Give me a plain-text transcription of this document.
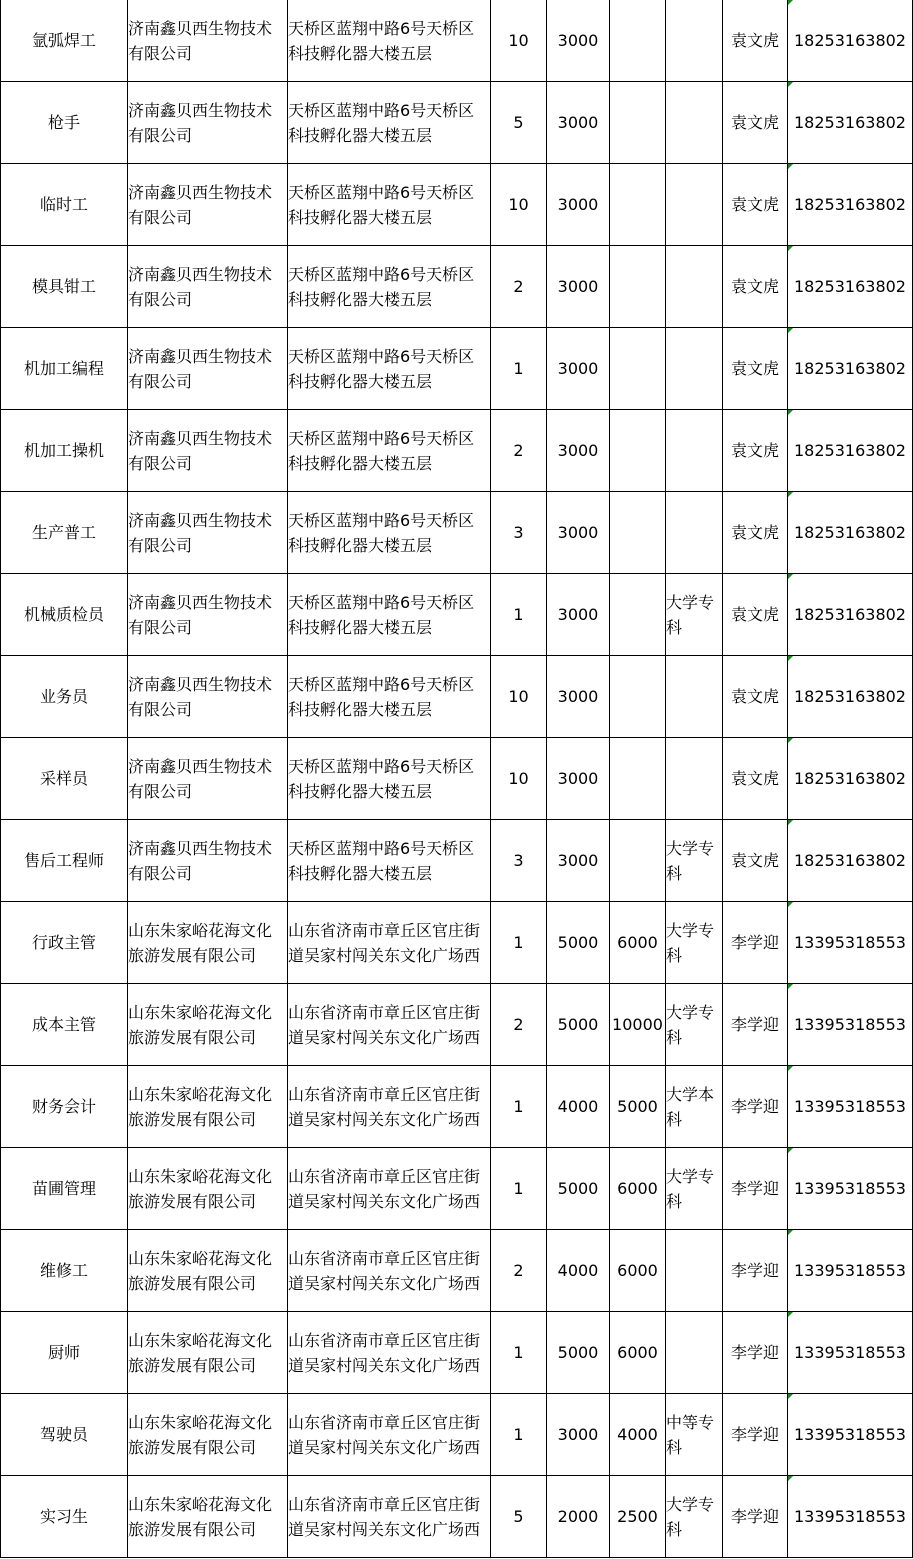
氩弧焊工	济南鑫贝西生物技术有限公司	天桥区蓝翔中路6号天桥区科技孵化器大楼五层	10	3000			袁文虎	18253163802

枪手	济南鑫贝西生物技术有限公司	天桥区蓝翔中路6号天桥区科技孵化器大楼五层	5	3000			袁文虎	18253163802

临时工	济南鑫贝西生物技术有限公司	天桥区蓝翔中路6号天桥区科技孵化器大楼五层	10	3000			袁文虎	18253163802

模具钳工	济南鑫贝西生物技术有限公司	天桥区蓝翔中路6号天桥区科技孵化器大楼五层	2	3000			袁文虎	18253163802

机加工编程	济南鑫贝西生物技术有限公司	天桥区蓝翔中路6号天桥区科技孵化器大楼五层	1	3000			袁文虎	18253163802

机加工操机	济南鑫贝西生物技术有限公司	天桥区蓝翔中路6号天桥区科技孵化器大楼五层	2	3000			袁文虎	18253163802

生产普工	济南鑫贝西生物技术有限公司	天桥区蓝翔中路6号天桥区科技孵化器大楼五层	3	3000			袁文虎	18253163802

机械质检员	济南鑫贝西生物技术有限公司	天桥区蓝翔中路6号天桥区科技孵化器大楼五层	1	3000		大学专科	袁文虎	18253163802

业务员	济南鑫贝西生物技术有限公司	天桥区蓝翔中路6号天桥区科技孵化器大楼五层	10	3000			袁文虎	18253163802

采样员	济南鑫贝西生物技术有限公司	天桥区蓝翔中路6号天桥区科技孵化器大楼五层	10	3000			袁文虎	18253163802

售后工程师	济南鑫贝西生物技术有限公司	天桥区蓝翔中路6号天桥区科技孵化器大楼五层	3	3000		大学专科	袁文虎	18253163802

行政主管	山东朱家峪花海文化旅游发展有限公司	山东省济南市章丘区官庄街道吴家村闯关东文化广场西	1	5000	6000	大学专科	李学迎	13395318553

成本主管	山东朱家峪花海文化旅游发展有限公司	山东省济南市章丘区官庄街道吴家村闯关东文化广场西	2	5000	10000	大学专科	李学迎	13395318553

财务会计	山东朱家峪花海文化旅游发展有限公司	山东省济南市章丘区官庄街道吴家村闯关东文化广场西	1	4000	5000	大学本科	李学迎	13395318553

苗圃管理	山东朱家峪花海文化旅游发展有限公司	山东省济南市章丘区官庄街道吴家村闯关东文化广场西	1	5000	6000	大学专科	李学迎	13395318553

维修工	山东朱家峪花海文化旅游发展有限公司	山东省济南市章丘区官庄街道吴家村闯关东文化广场西	2	4000	6000		李学迎	13395318553

厨师	山东朱家峪花海文化旅游发展有限公司	山东省济南市章丘区官庄街道吴家村闯关东文化广场西	1	5000	6000		李学迎	13395318553

驾驶员	山东朱家峪花海文化旅游发展有限公司	山东省济南市章丘区官庄街道吴家村闯关东文化广场西	1	3000	4000	中等专科	李学迎	13395318553

实习生	山东朱家峪花海文化旅游发展有限公司	山东省济南市章丘区官庄街道吴家村闯关东文化广场西	5	2000	2500	大学专科	李学迎	13395318553
